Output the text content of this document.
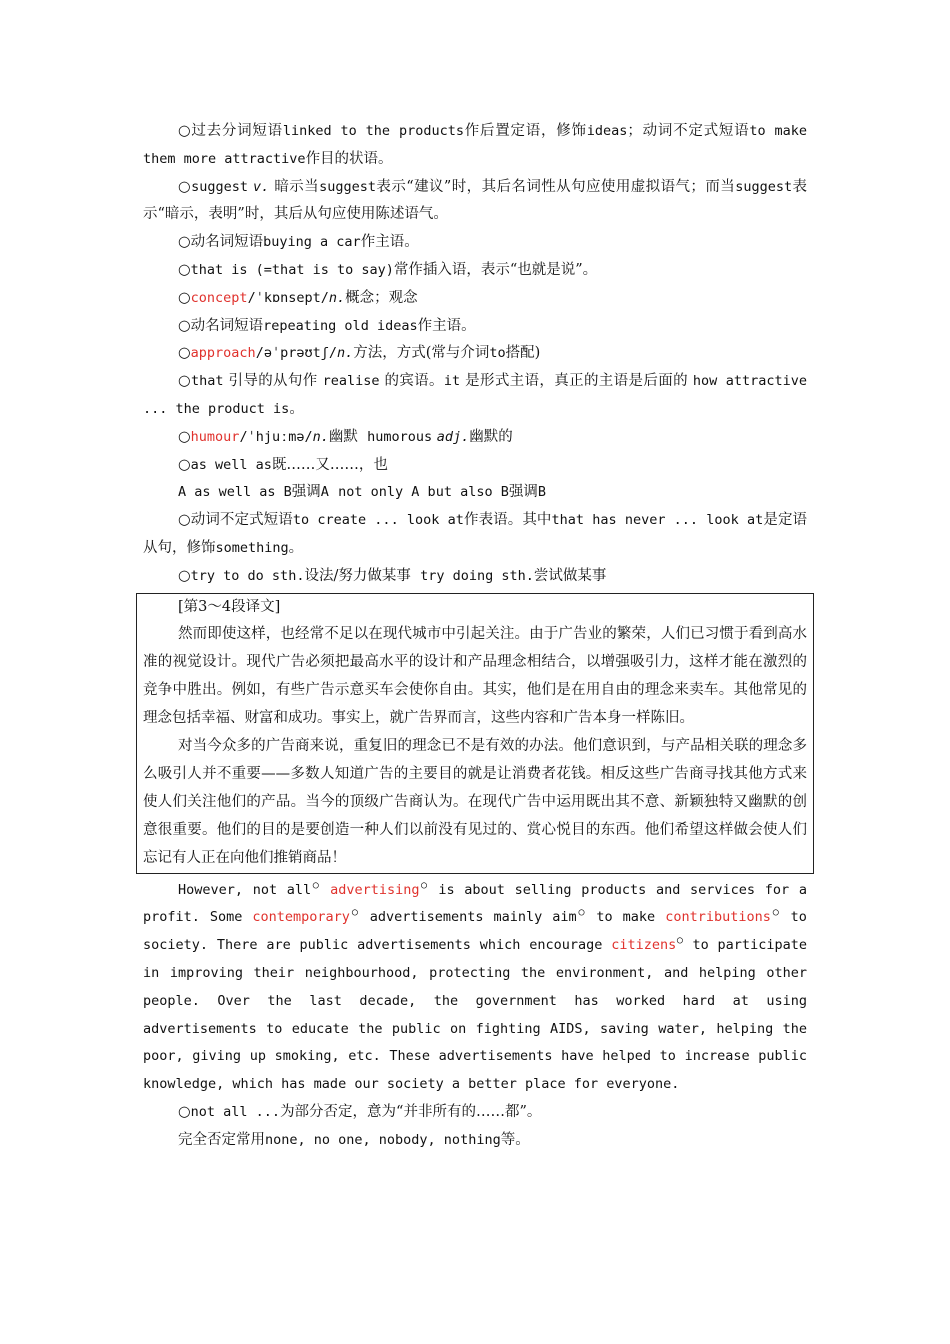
○过去分词短语linked to the products作后置定语，修饰ideas；动词不定式短语to make them more attractive作目的状语。

○suggest v. 暗示当suggest表示“建议”时，其后名词性从句应使用虚拟语气；而当suggest表示“暗示，表明”时，其后从句应使用陈述语气。

○动名词短语buying a car作主语。

○that is (=that is to say)常作插入语，表示“也就是说”。

○concept/ˈkɒnsept/n.概念；观念

○动名词短语repeating old ideas作主语。

○approach/əˈprəʊtʃ/n.方法，方式(常与介词to搭配)

○that 引导的从句作 realise 的宾语。it 是形式主语，真正的主语是后面的 how attractive ... the product is。

○humour/ˈhjuːmə/n.幽默 humorous adj.幽默的

○as well as既……又……，也

A as well as B强调A not only A but also B强调B

○动词不定式短语to create ... look at作表语。其中that has never ... look at是定语从句，修饰something。

○try to do sth.设法/努力做某事 try doing sth.尝试做某事

[第3～4段译文]

然而即使这样，也经常不足以在现代城市中引起关注。由于广告业的繁荣，人们已习惯于看到高水准的视觉设计。现代广告必须把最高水平的设计和产品理念相结合，以增强吸引力，这样才能在激烈的竞争中胜出。例如，有些广告示意买车会使你自由。其实，他们是在用自由的理念来卖车。其他常见的理念包括幸福、财富和成功。事实上，就广告界而言，这些内容和广告本身一样陈旧。

对当今众多的广告商来说，重复旧的理念已不是有效的办法。他们意识到，与产品相关联的理念多么吸引人并不重要——多数人知道广告的主要目的就是让消费者花钱。相反这些广告商寻找其他方式来使人们关注他们的产品。当今的顶级广告商认为。在现代广告中运用既出其不意、新颖独特又幽默的创意很重要。他们的目的是要创造一种人们以前没有见过的、赏心悦目的东西。他们希望这样做会使人们忘记有人正在向他们推销商品！

However, not all○ advertising○ is about selling products and services for a profit. Some contemporary○ advertisements mainly aim○ to make contributions○ to society. There are public advertisements which encourage citizens○ to participate in improving their neighbourhood, protecting the environment, and helping other people. Over the last decade, the government has worked hard at using advertisements to educate the public on fighting AIDS, saving water, helping the poor, giving up smoking, etc. These advertisements have helped to increase public knowledge, which has made our society a better place for everyone.

○not all ...为部分否定，意为“并非所有的……都”。

完全否定常用none, no one, nobody, nothing等。
